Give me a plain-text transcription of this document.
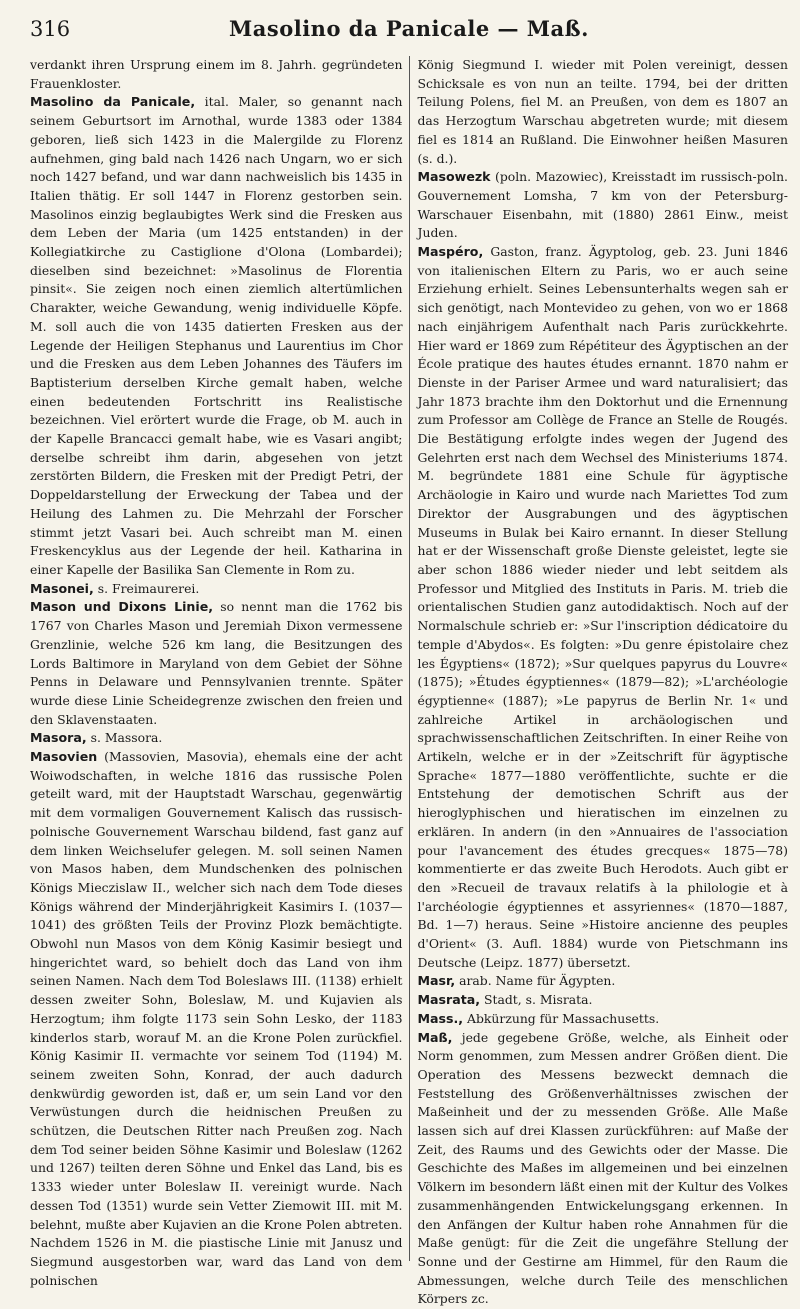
316	Masolino da Panicale — Maß.

verdankt ihren Ursprung einem im 8. Jahrh. gegründeten Frauenkloster.

Masolino da Panicale, ital. Maler, so genannt nach seinem Geburtsort im Arnothal, wurde 1383 oder 1384 geboren, ließ sich 1423 in die Malergilde zu Florenz aufnehmen, ging bald nach 1426 nach Ungarn, wo er sich noch 1427 befand, und war dann nachweislich bis 1435 in Italien thätig. Er soll 1447 in Florenz gestorben sein. Masolinos einzig beglaubigtes Werk sind die Fresken aus dem Leben der Maria (um 1425 entstanden) in der Kollegiatkirche zu Castiglione d'Olona (Lombardei); dieselben sind bezeichnet: »Masolinus de Florentia pinsit«. Sie zeigen noch einen ziemlich altertümlichen Charakter, weiche Gewandung, wenig individuelle Köpfe. M. soll auch die von 1435 datierten Fresken aus der Legende der Heiligen Stephanus und Laurentius im Chor und die Fresken aus dem Leben Johannes des Täufers im Baptisterium derselben Kirche gemalt haben, welche einen bedeutenden Fortschritt ins Realistische bezeichnen. Viel erörtert wurde die Frage, ob M. auch in der Kapelle Brancacci gemalt habe, wie es Vasari angibt; derselbe schreibt ihm darin, abgesehen von jetzt zerstörten Bildern, die Fresken mit der Predigt Petri, der Doppeldarstellung der Erweckung der Tabea und der Heilung des Lahmen zu. Die Mehrzahl der Forscher stimmt jetzt Vasari bei. Auch schreibt man M. einen Freskencyklus aus der Legende der heil. Katharina in einer Kapelle der Basilika San Clemente in Rom zu.

Masonei, s. Freimaurerei.

Mason und Dixons Linie, so nennt man die 1762 bis 1767 von Charles Mason und Jeremiah Dixon vermessene Grenzlinie, welche 526 km lang, die Besitzungen des Lords Baltimore in Maryland von dem Gebiet der Söhne Penns in Delaware und Pennsylvanien trennte. Später wurde diese Linie Scheidegrenze zwischen den freien und den Sklavenstaaten.

Masora, s. Massora.

Masovien (Massovien, Masovia), ehemals eine der acht Woiwodschaften, in welche 1816 das russische Polen geteilt ward, mit der Hauptstadt Warschau, gegenwärtig mit dem vormaligen Gouvernement Kalisch das russisch-polnische Gouvernement Warschau bildend, fast ganz auf dem linken Weichselufer gelegen. M. soll seinen Namen von Masos haben, dem Mundschenken des polnischen Königs Mieczislaw II., welcher sich nach dem Tode dieses Königs während der Minderjährigkeit Kasimirs I. (1037—1041) des größten Teils der Provinz Plozk bemächtigte. Obwohl nun Masos von dem König Kasimir besiegt und hingerichtet ward, so behielt doch das Land von ihm seinen Namen. Nach dem Tod Boleslaws III. (1138) erhielt dessen zweiter Sohn, Boleslaw, M. und Kujavien als Herzogtum; ihm folgte 1173 sein Sohn Lesko, der 1183 kinderlos starb, worauf M. an die Krone Polen zurückfiel. König Kasimir II. vermachte vor seinem Tod (1194) M. seinem zweiten Sohn, Konrad, der auch dadurch denkwürdig geworden ist, daß er, um sein Land vor den Verwüstungen durch die heidnischen Preußen zu schützen, die Deutschen Ritter nach Preußen zog. Nach dem Tod seiner beiden Söhne Kasimir und Boleslaw (1262 und 1267) teilten deren Söhne und Enkel das Land, bis es 1333 wieder unter Boleslaw II. vereinigt wurde. Nach dessen Tod (1351) wurde sein Vetter Ziemowit III. mit M. belehnt, mußte aber Kujavien an die Krone Polen abtreten. Nachdem 1526 in M. die piastische Linie mit Janusz und Siegmund ausgestorben war, ward das Land von dem polnischen

König Siegmund I. wieder mit Polen vereinigt, dessen Schicksale es von nun an teilte. 1794, bei der dritten Teilung Polens, fiel M. an Preußen, von dem es 1807 an das Herzogtum Warschau abgetreten wurde; mit diesem fiel es 1814 an Rußland. Die Einwohner heißen Masuren (s. d.).

Masowezk (poln. Mazowiec), Kreisstadt im russisch-poln. Gouvernement Lomsha, 7 km von der Petersburg-Warschauer Eisenbahn, mit (1880) 2861 Einw., meist Juden.

Maspéro, Gaston, franz. Ägyptolog, geb. 23. Juni 1846 von italienischen Eltern zu Paris, wo er auch seine Erziehung erhielt. Seines Lebensunterhalts wegen sah er sich genötigt, nach Montevideo zu gehen, von wo er 1868 nach einjährigem Aufenthalt nach Paris zurückkehrte. Hier ward er 1869 zum Répétiteur des Ägyptischen an der École pratique des hautes études ernannt. 1870 nahm er Dienste in der Pariser Armee und ward naturalisiert; das Jahr 1873 brachte ihm den Doktorhut und die Ernennung zum Professor am Collège de France an Stelle de Rougés. Die Bestätigung erfolgte indes wegen der Jugend des Gelehrten erst nach dem Wechsel des Ministeriums 1874. M. begründete 1881 eine Schule für ägyptische Archäologie in Kairo und wurde nach Mariettes Tod zum Direktor der Ausgrabungen und des ägyptischen Museums in Bulak bei Kairo ernannt. In dieser Stellung hat er der Wissenschaft große Dienste geleistet, legte sie aber schon 1886 wieder nieder und lebt seitdem als Professor und Mitglied des Instituts in Paris. M. trieb die orientalischen Studien ganz autodidaktisch. Noch auf der Normalschule schrieb er: »Sur l'inscription dédicatoire du temple d'Abydos«. Es folgten: »Du genre épistolaire chez les Égyptiens« (1872); »Sur quelques papyrus du Louvre« (1875); »Études égyptiennes« (1879—82); »L'archéologie égyptienne« (1887); »Le papyrus de Berlin Nr. 1« und zahlreiche Artikel in archäologischen und sprachwissenschaftlichen Zeitschriften. In einer Reihe von Artikeln, welche er in der »Zeitschrift für ägyptische Sprache« 1877—1880 veröffentlichte, suchte er die Entstehung der demotischen Schrift aus der hieroglyphischen und hieratischen im einzelnen zu erklären. In andern (in den »Annuaires de l'association pour l'avancement des études grecques« 1875—78) kommentierte er das zweite Buch Herodots. Auch gibt er den »Recueil de travaux relatifs à la philologie et à l'archéologie égyptiennes et assyriennes« (1870—1887, Bd. 1—7) heraus. Seine »Histoire ancienne des peuples d'Orient« (3. Aufl. 1884) wurde von Pietschmann ins Deutsche (Leipz. 1877) übersetzt.

Masr, arab. Name für Ägypten.

Masrata, Stadt, s. Misrata.

Mass., Abkürzung für Massachusetts.

Maß, jede gegebene Größe, welche, als Einheit oder Norm genommen, zum Messen andrer Größen dient. Die Operation des Messens bezweckt demnach die Feststellung des Größenverhältnisses zwischen der Maßeinheit und der zu messenden Größe. Alle Maße lassen sich auf drei Klassen zurückführen: auf Maße der Zeit, des Raums und des Gewichts oder der Masse. Die Geschichte des Maßes im allgemeinen und bei einzelnen Völkern im besondern läßt einen mit der Kultur des Volkes zusammenhängenden Entwickelungsgang erkennen. In den Anfängen der Kultur haben rohe Annahmen für die Maße genügt: für die Zeit die ungefähre Stellung der Sonne und der Gestirne am Himmel, für den Raum die Abmessungen, welche durch Teile des menschlichen Körpers zc.
